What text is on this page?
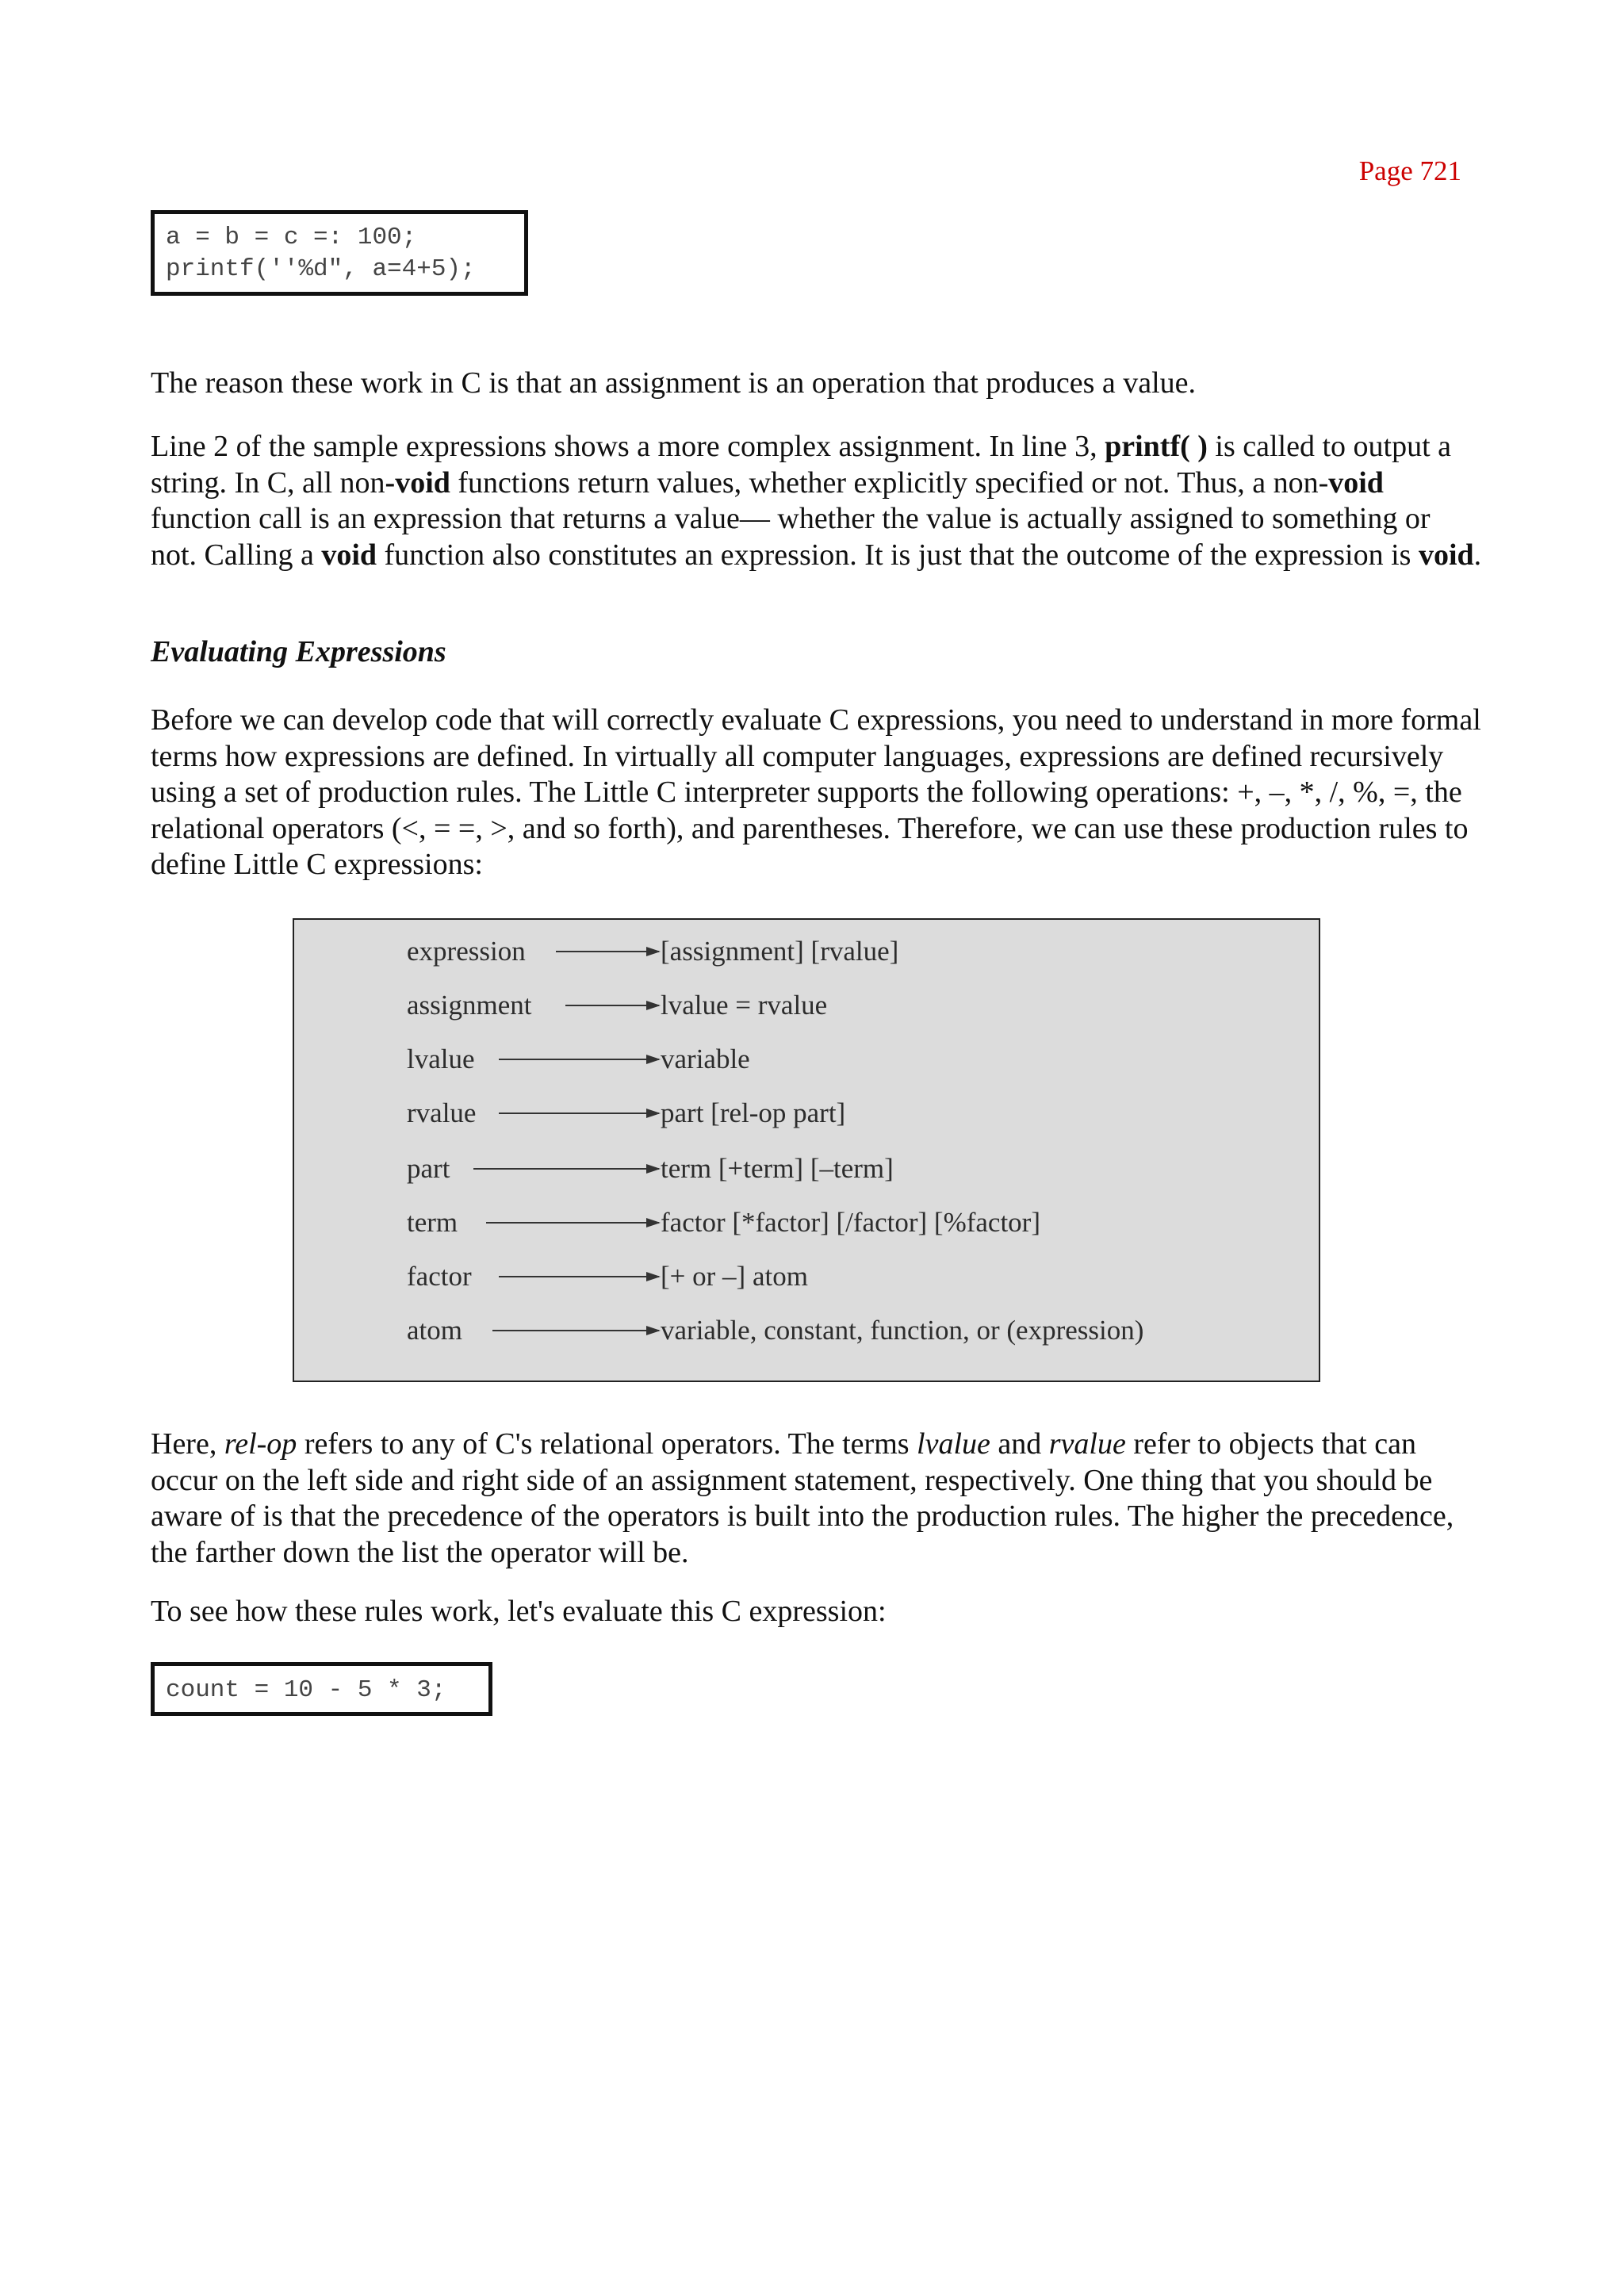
Page 721
a = b = c =: 100;
printf(''%d", a=4+5);

The reason these work in C is that an assignment is an operation that produces a value.

Line 2 of the sample expressions shows a more complex assignment. In line 3, printf( ) is called to output a string. In C, all non-void functions return values, whether explicitly specified or not. Thus, a non-void function call is an expression that returns a value— whether the value is actually assigned to something or not. Calling a void function also constitutes an expression. It is just that the outcome of the expression is void.

Evaluating Expressions

Before we can develop code that will correctly evaluate C expressions, you need to understand in more formal terms how expressions are defined. In virtually all computer languages, expressions are defined recursively using a set of production rules. The Little C interpreter supports the following operations: +, –, *, /, %, =, the relational operators (<, = =, >, and so forth), and parentheses. Therefore, we can use these production rules to define Little C expressions:

expression	[assignment] [rvalue]
assignment	lvalue = rvalue
lvalue	variable
rvalue	part [rel-op part]
part	term [+term] [–term]
term	factor [*factor] [/factor] [%factor]
factor	[+ or –] atom
atom	variable, constant, function, or (expression)

Here, rel-op refers to any of C's relational operators. The terms lvalue and rvalue refer to objects that can occur on the left side and right side of an assignment statement, respectively. One thing that you should be aware of is that the precedence of the operators is built into the production rules. The higher the precedence, the farther down the list the operator will be.

To see how these rules work, let's evaluate this C expression:

count = 10 - 5 * 3;
